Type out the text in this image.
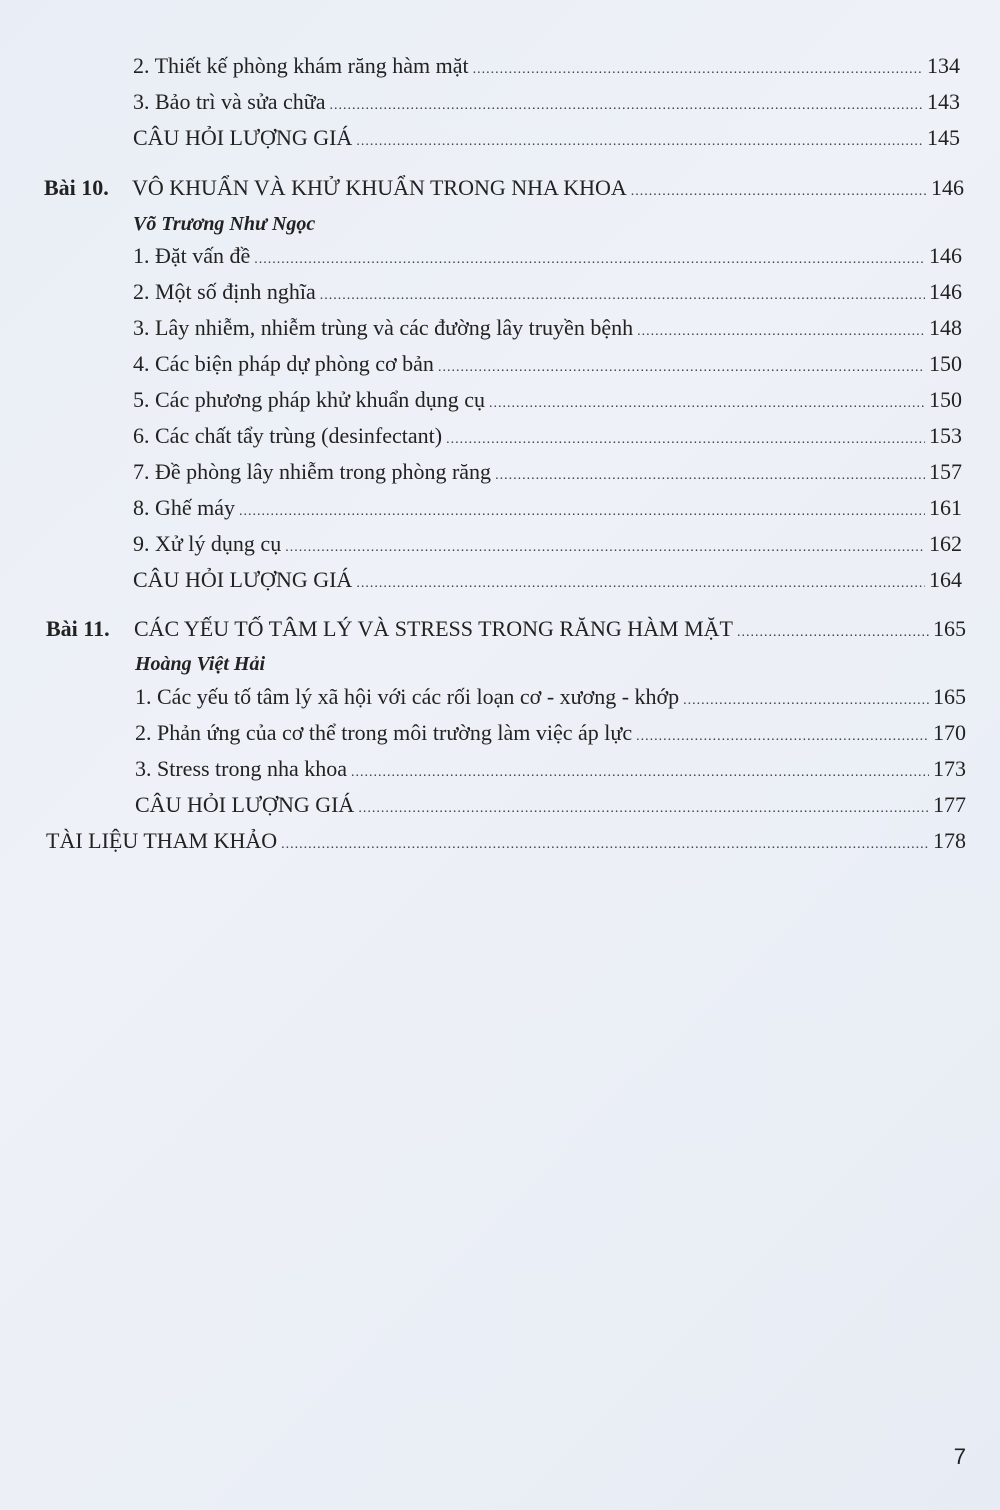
2. Thiết kế phòng khám răng hàm mặt .....	134
3. Bảo trì và sửa chữa .....	143
CÂU HỎI LƯỢNG GIÁ .....	145
Bài 10.	VÔ KHUẨN VÀ KHỬ KHUẨN TRONG NHA KHOA .....	146
Võ Trương Như Ngọc
1. Đặt vấn đề .....	146
2. Một số định nghĩa .....	146
3. Lây nhiễm, nhiễm trùng và các đường lây truyền bệnh .....	148
4. Các biện pháp dự phòng cơ bản .....	150
5. Các phương pháp khử khuẩn dụng cụ .....	150
6. Các chất tẩy trùng (desinfectant) .....	153
7. Đề phòng lây nhiễm trong phòng răng .....	157
8. Ghế máy .....	161
9. Xử lý dụng cụ .....	162
CÂU HỎI LƯỢNG GIÁ .....	164
Bài 11.	CÁC YẾU TỐ TÂM LÝ VÀ STRESS TRONG RĂNG HÀM MẶT .....	165
Hoàng Việt Hải
1. Các yếu tố tâm lý xã hội với các rối loạn cơ - xương - khớp .....	165
2. Phản ứng của cơ thể trong môi trường làm việc áp lực .....	170
3. Stress trong nha khoa .....	173
CÂU HỎI LƯỢNG GIÁ .....	177
TÀI LIỆU THAM KHẢO .....	178
7
